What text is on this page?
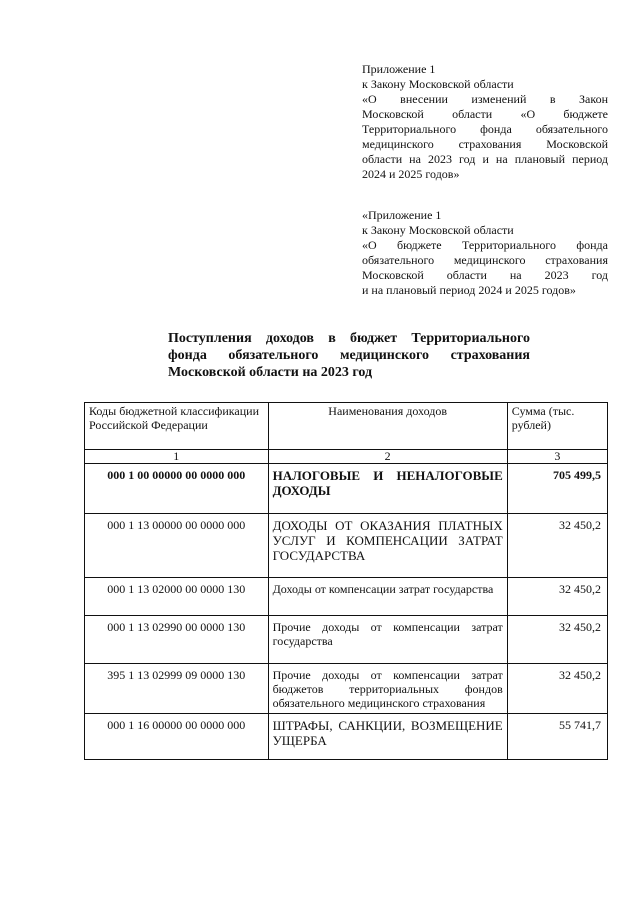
Приложение 1
к Закону Московской области
«О внесении изменений в Закон
Московской области «О бюджете
Территориального фонда обязательного
медицинского страхования Московской
области на 2023 год и на плановый период
2024 и 2025 годов»
«Приложение 1
к Закону Московской области
«О бюджете Территориального фонда
обязательного медицинского страхования
Московской области на 2023 год
и на плановый период 2024 и 2025 годов»
Поступления доходов в бюджет Территориального
фонда обязательного медицинского страхования
Московской области на 2023 год
Коды бюджетной классификации Российской Федерации	Наименования доходов	Сумма (тыс. рублей)
1	2	3
000 1 00 00000 00 0000 000	НАЛОГОВЫЕ И НЕНАЛОГОВЫЕ ДОХОДЫ	705 499,5
000 1 13 00000 00 0000 000	ДОХОДЫ ОТ ОКАЗАНИЯ ПЛАТНЫХ УСЛУГ И КОМПЕНСАЦИИ ЗАТРАТ ГОСУДАРСТВА	32 450,2
000 1 13 02000 00 0000 130	Доходы от компенсации затрат государства	32 450,2
000 1 13 02990 00 0000 130	Прочие доходы от компенсации затрат государства	32 450,2
395 1 13 02999 09 0000 130	Прочие доходы от компенсации затрат бюджетов территориальных фондов обязательного медицинского страхования	32 450,2
000 1 16 00000 00 0000 000	ШТРАФЫ, САНКЦИИ, ВОЗМЕЩЕНИЕ УЩЕРБА	55 741,7
